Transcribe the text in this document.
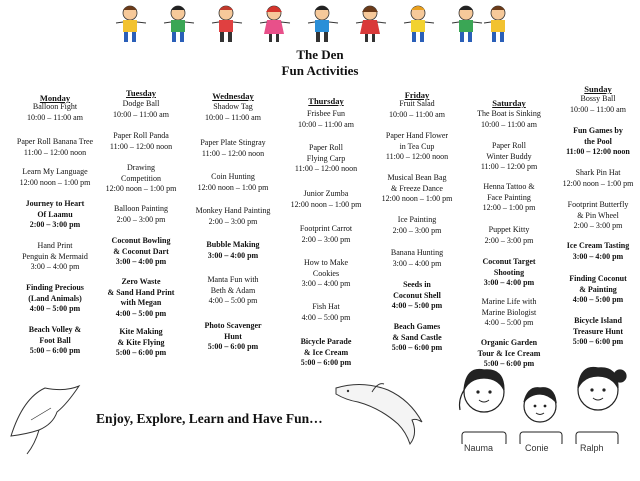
The Den
Fun Activities
Monday
Balloon Fight
10:00 – 11:00 am
Paper Roll Banana Tree
11:00 – 12:00 noon
Learn My Language
12:00 noon – 1:00 pm
Journey to Heart
Of Laamu
2:00 – 3:00 pm
Hand Print
Penguin & Mermaid
3:00 – 4:00 pm
Finding Precious
(Land Animals)
4:00 – 5:00 pm
Beach Volley &
Foot Ball
5:00 – 6:00 pm
Tuesday
Dodge Ball
10:00 – 11:00 am
Paper Roll Panda
11:00 – 12:00 noon
Drawing
Competition
12:00 noon – 1:00 pm
Balloon Painting
2:00 – 3:00 pm
Coconut Bowling
& Coconut Dart
3:00 – 4:00 pm
Zero Waste
& Sand Hand Print
with Megan
4:00 – 5:00 pm
Kite Making
& Kite Flying
5:00 – 6:00 pm
Wednesday
Shadow Tag
10:00 – 11:00 am
Paper Plate Stingray
11:00 – 12:00 noon
Coin Hunting
12:00 noon – 1:00 pm
Monkey Hand Painting
2:00 – 3:00 pm
Bubble Making
3:00 – 4:00 pm
Manta Fun with
Beth & Adam
4:00 – 5:00 pm
Photo Scavenger
Hunt
5:00 – 6:00 pm
Thursday
Frisbee Fun
10:00 – 11:00 am
Paper Roll
Flying Carp
11:00 – 12:00 noon
Junior Zumba
12:00 noon – 1:00 pm
Footprint Carrot
2:00 – 3:00 pm
How to Make
Cookies
3:00 – 4:00 pm
Fish Hat
4:00 – 5:00 pm
Bicycle Parade
& Ice Cream
5:00 – 6:00 pm
Friday
Fruit Salad
10:00 – 11:00 am
Paper Hand Flower
in Tea Cup
11:00 – 12:00 noon
Musical Bean Bag
& Freeze Dance
12:00 noon – 1:00 pm
Ice Painting
2:00 – 3:00 pm
Banana Hunting
3:00 – 4:00 pm
Seeds in
Coconut Shell
4:00 – 5:00 pm
Beach Games
& Sand Castle
5:00 – 6:00 pm
Saturday
The Boat is Sinking
10:00 – 11:00 am
Paper Roll
Winter Buddy
11:00 – 12:00 pm
Henna Tattoo &
Face Painting
12:00 – 1:00 pm
Puppet Kitty
2:00 – 3:00 pm
Coconut Target
Shooting
3:00 – 4:00 pm
Marine Life with
Marine Biologist
4:00 – 5:00 pm
Organic Garden
Tour & Ice Cream
5:00 – 6:00 pm
Sunday
Bossy Ball
10:00 – 11:00 am
Fun Games by
the Pool
11:00 – 12:00 noon
Shark Pin Hat
12:00 noon – 1:00 pm
Footprint Butterfly
& Pin Wheel
2:00 – 3:00 pm
Ice Cream Tasting
3:00 – 4:00 pm
Finding Coconut
& Painting
4:00 – 5:00 pm
Bicycle Island
Treasure Hunt
5:00 – 6:00 pm
Enjoy, Explore, Learn and Have Fun…
Nauma	Conie	Ralph
